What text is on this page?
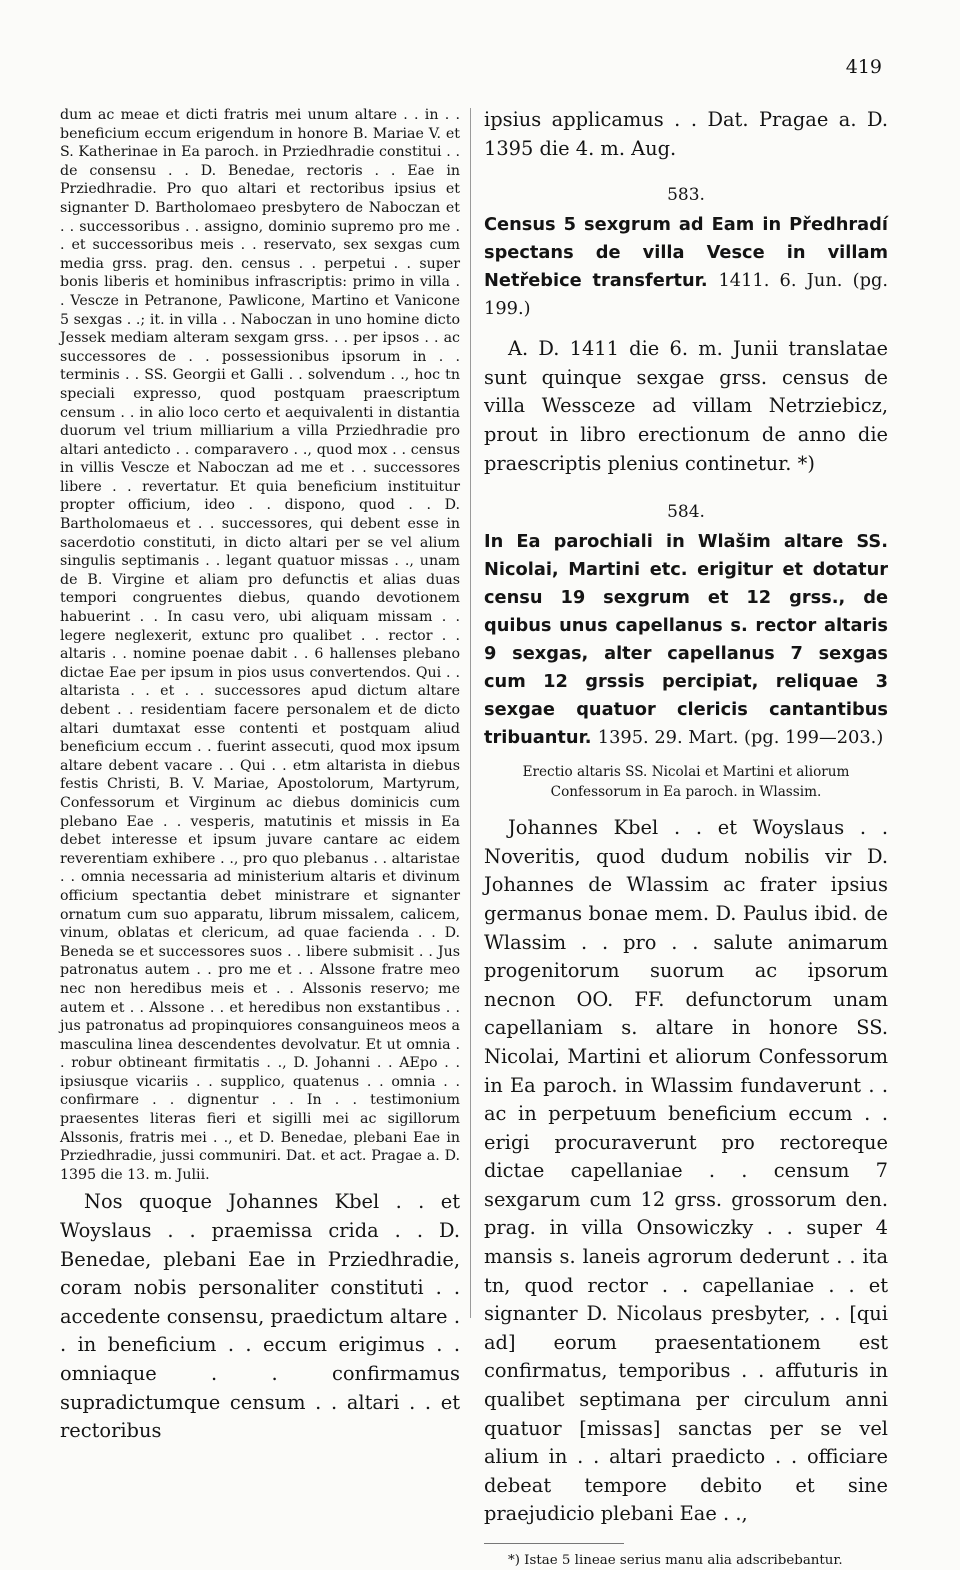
419

dum ac meae et dicti fratris mei unum altare . . in . . beneficium eccum erigendum in honore B. Mariae V. et S. Katherinae in Ea paroch. in Prziedhradie constitui . . de consensu . . D. Benedae, rectoris . . Eae in Prziedhradie. Pro quo altari et rectoribus ipsius et signanter D. Bartholomaeo presbytero de Naboczan et . . successoribus . . assigno, dominio supremo pro me . . et successoribus meis . . reservato, sex sexgas cum media grss. prag. den. census . . perpetui . . super bonis liberis et hominibus infrascriptis: primo in villa . . Vescze in Petranone, Pawlicone, Martino et Vanicone 5 sexgas . .; it. in villa . . Naboczan in uno homine dicto Jessek mediam alteram sexgam grss. . . per ipsos . . ac successores de . . possessionibus ipsorum in . . terminis . . SS. Georgii et Galli . . solvendum . ., hoc tn speciali expresso, quod postquam praescriptum censum . . in alio loco certo et aequivalenti in distantia duorum vel trium milliarium a villa Prziedhradie pro altari antedicto . . comparavero . ., quod mox . . census in villis Vescze et Naboczan ad me et . . successores libere . . revertatur. Et quia beneficium instituitur propter officium, ideo . . dispono, quod . . D. Bartholomaeus et . . successores, qui debent esse in sacerdotio constituti, in dicto altari per se vel alium singulis septimanis . . legant quatuor missas . ., unam de B. Virgine et aliam pro defunctis et alias duas tempori congruentes diebus, quando devotionem habuerint . . In casu vero, ubi aliquam missam . . legere neglexerit, extunc pro qualibet . . rector . . altaris . . nomine poenae dabit . . 6 hallenses plebano dictae Eae per ipsum in pios usus convertendos. Qui . . altarista . . et . . successores apud dictum altare debent . . residentiam facere personalem et de dicto altari dumtaxat esse contenti et postquam aliud beneficium eccum . . fuerint assecuti, quod mox ipsum altare debent vacare . . Qui . . etm altarista in diebus festis Christi, B. V. Mariae, Apostolorum, Martyrum, Confessorum et Virginum ac diebus dominicis cum plebano Eae . . vesperis, matutinis et missis in Ea debet interesse et ipsum juvare cantare ac eidem reverentiam exhibere . ., pro quo plebanus . . altaristae . . omnia necessaria ad ministerium altaris et divinum officium spectantia debet ministrare et signanter ornatum cum suo apparatu, librum missalem, calicem, vinum, oblatas et clericum, ad quae facienda . . D. Beneda se et successores suos . . libere submisit . . Jus patronatus autem . . pro me et . . Alssone fratre meo nec non heredibus meis et . . Alssonis reservo; me autem et . . Alssone . . et heredibus non exstantibus . . jus patronatus ad propinquiores consanguineos meos a masculina linea descendentes devolvatur. Et ut omnia . . robur obtineant firmitatis . ., D. Johanni . . AEpo . . ipsiusque vicariis . . supplico, quatenus . . omnia . . confirmare . . dignentur . . In . . testimonium praesentes literas fieri et sigilli mei ac sigillorum Alssonis, fratris mei . ., et D. Benedae, plebani Eae in Prziedhradie, jussi communiri. Dat. et act. Pragae a. D. 1395 die 13. m. Julii.

Nos quoque Johannes Kbel . . et Woyslaus . . praemissa crida . . D. Benedae, plebani Eae in Prziedhradie, coram nobis personaliter constituti . . accedente consensu, praedictum altare . . in beneficium . . eccum erigimus . . omniaque . . confirmamus supradictumque censum . . altari . . et rectoribus

ipsius applicamus . . Dat. Pragae a. D. 1395 die 4. m. Aug.

583.

Census 5 sexgrum ad Eam in Předhradí spectans de villa Vesce in villam Netřebice transfertur. 1411. 6. Jun. (pg. 199.)

A. D. 1411 die 6. m. Junii translatae sunt quinque sexgae grss. census de villa Wessceze ad villam Netrziebicz, prout in libro erectionum de anno die praescriptis plenius continetur. *)

584.

In Ea parochiali in Wlašim altare SS. Nicolai, Martini etc. erigitur et dotatur censu 19 sexgrum et 12 grss., de quibus unus capellanus s. rector altaris 9 sexgas, alter capellanus 7 sexgas cum 12 grssis percipiat, reliquae 3 sexgae quatuor clericis cantantibus tribuantur. 1395. 29. Mart. (pg. 199—203.)

Erectio altaris SS. Nicolai et Martini et aliorum
Confessorum in Ea paroch. in Wlassim.

Johannes Kbel . . et Woyslaus . . Noveritis, quod dudum nobilis vir D. Johannes de Wlassim ac frater ipsius germanus bonae mem. D. Paulus ibid. de Wlassim . . pro . . salute animarum progenitorum suorum ac ipsorum necnon OO. FF. defunctorum unam capellaniam s. altare in honore SS. Nicolai, Martini et aliorum Confessorum in Ea paroch. in Wlassim fundaverunt . . ac in perpetuum beneficium eccum . . erigi procuraverunt pro rectoreque dictae capellaniae . . censum 7 sexgarum cum 12 grss. grossorum den. prag. in villa Onsowiczky . . super 4 mansis s. laneis agrorum dederunt . . ita tn, quod rector . . capellaniae . . et signanter D. Nicolaus presbyter, . . [qui ad] eorum praesentationem est confirmatus, temporibus . . affuturis in qualibet septimana per circulum anni quatuor [missas] sanctas per se vel alium in . . altari praedicto . . officiare debeat tempore debito et sine praejudicio plebani Eae . .,

*) Istae 5 lineae serius manu alia adscribebantur.
